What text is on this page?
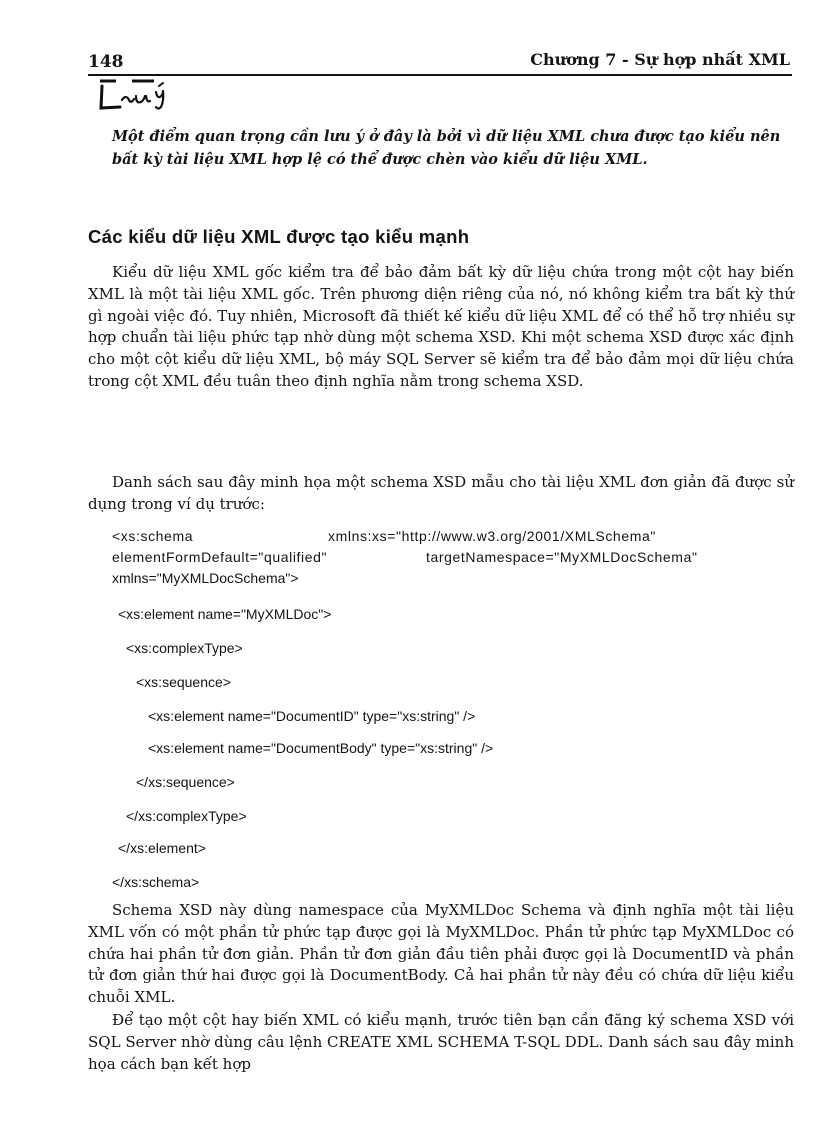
148	Chương 7 - Sự hợp nhất XML
Một điểm quan trọng cần lưu ý ở đây là bởi vì dữ liệu XML chưa được tạo kiểu nên bất kỳ tài liệu XML hợp lệ có thể được chèn vào kiểu dữ liệu XML.
Các kiểu dữ liệu XML được tạo kiểu mạnh

Kiểu dữ liệu XML gốc kiểm tra để bảo đảm bất kỳ dữ liệu chứa trong một cột hay biến XML là một tài liệu XML gốc. Trên phương diện riêng của nó, nó không kiểm tra bất kỳ thứ gì ngoài việc đó. Tuy nhiên, Microsoft đã thiết kế kiểu dữ liệu XML để có thể hỗ trợ nhiều sự hợp chuẩn tài liệu phức tạp nhờ dùng một schema XSD. Khi một schema XSD được xác định cho một cột kiểu dữ liệu XML, bộ máy SQL Server sẽ kiểm tra để bảo đảm mọi dữ liệu chứa trong cột XML đều tuân theo định nghĩa nằm trong schema XSD.

Danh sách sau đây minh họa một schema XSD mẫu cho tài liệu XML đơn giản đã được sử dụng trong ví dụ trước:

<xs:schema	xmlns:xs="http://www.w3.org/2001/XMLSchema"
elementFormDefault="qualified"	targetNamespace="MyXMLDocSchema"
xmlns="MyXMLDocSchema">
<xs:element name="MyXMLDoc">
<xs:complexType>
<xs:sequence>
<xs:element name="DocumentID" type="xs:string" />
<xs:element name="DocumentBody" type="xs:string" />
</xs:sequence>
</xs:complexType>
</xs:element>
</xs:schema>

Schema XSD này dùng namespace của MyXMLDoc Schema và định nghĩa một tài liệu XML vốn có một phần tử phức tạp được gọi là MyXMLDoc. Phần tử phức tạp MyXMLDoc có chứa hai phần tử đơn giản. Phần tử đơn giản đầu tiên phải được gọi là DocumentID và phần tử đơn giản thứ hai được gọi là DocumentBody. Cả hai phần tử này đều có chứa dữ liệu kiểu chuỗi XML.

Để tạo một cột hay biến XML có kiểu mạnh, trước tiên bạn cần đăng ký schema XSD với SQL Server nhờ dùng câu lệnh CREATE XML SCHEMA T-SQL DDL. Danh sách sau đây minh họa cách bạn kết hợp
